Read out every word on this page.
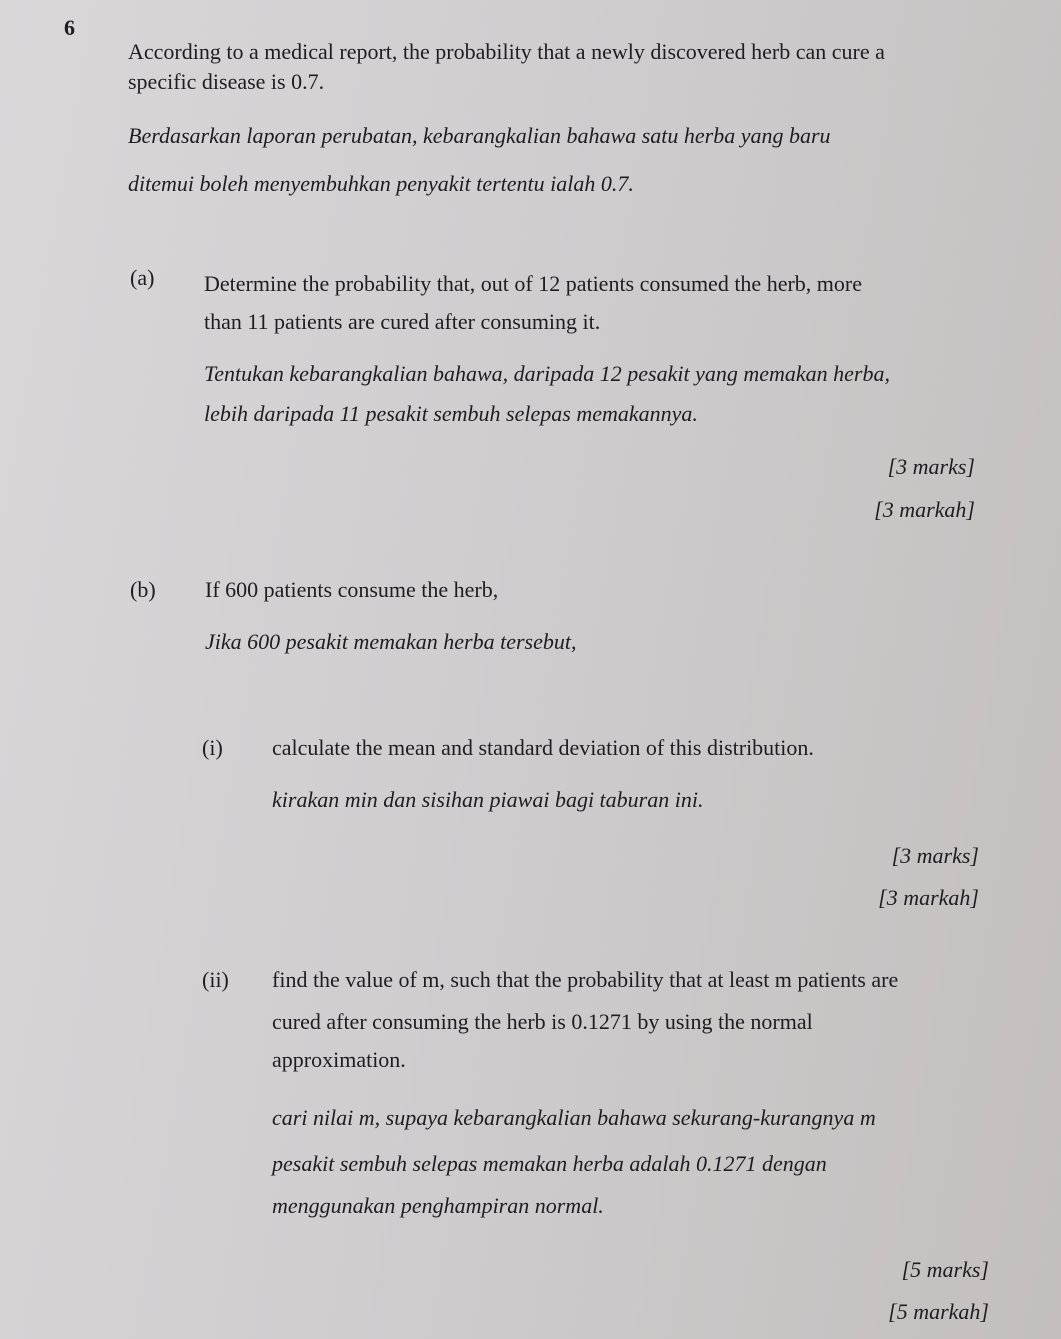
6
According to a medical report, the probability that a newly discovered herb can cure a
specific disease is 0.7.
Berdasarkan laporan perubatan, kebarangkalian bahawa satu herba yang baru
ditemui boleh menyembuhkan penyakit tertentu ialah 0.7.
(a) Determine the probability that, out of 12 patients consumed the herb, more
than 11 patients are cured after consuming it.
Tentukan kebarangkalian bahawa, daripada 12 pesakit yang memakan herba,
lebih daripada 11 pesakit sembuh selepas memakannya.
[3 marks]
[3 markah]
(b) If 600 patients consume the herb,
Jika 600 pesakit memakan herba tersebut,
(i) calculate the mean and standard deviation of this distribution.
kirakan min dan sisihan piawai bagi taburan ini.
[3 marks]
[3 markah]
(ii) find the value of m, such that the probability that at least m patients are
cured after consuming the herb is 0.1271 by using the normal
approximation.
cari nilai m, supaya kebarangkalian bahawa sekurang-kurangnya m
pesakit sembuh selepas memakan herba adalah 0.1271 dengan
menggunakan penghampiran normal.
[5 marks]
[5 markah]
